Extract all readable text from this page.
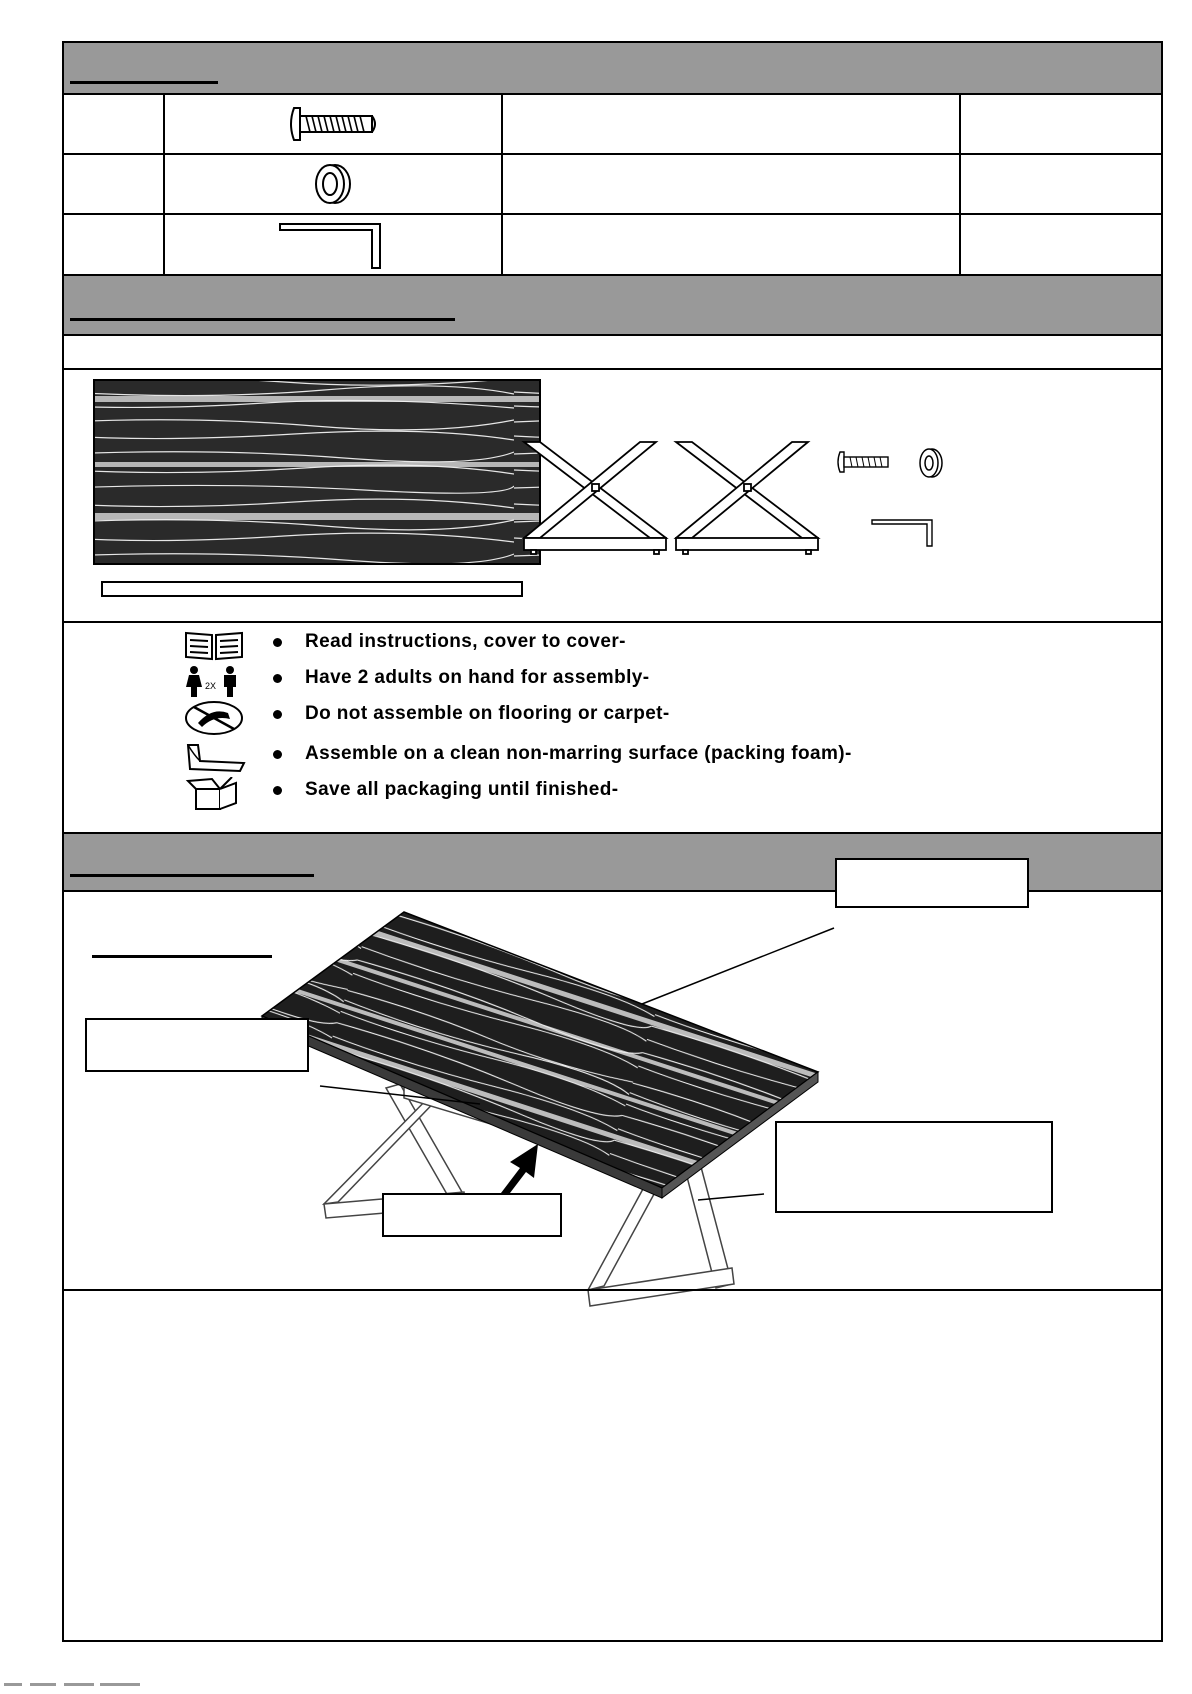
Read instructions, cover to cover-
2X	Have 2 adults on hand for assembly-
Do not assemble on flooring or carpet-
Assemble on a clean non-marring surface (packing foam)-
Save all packaging until finished-
